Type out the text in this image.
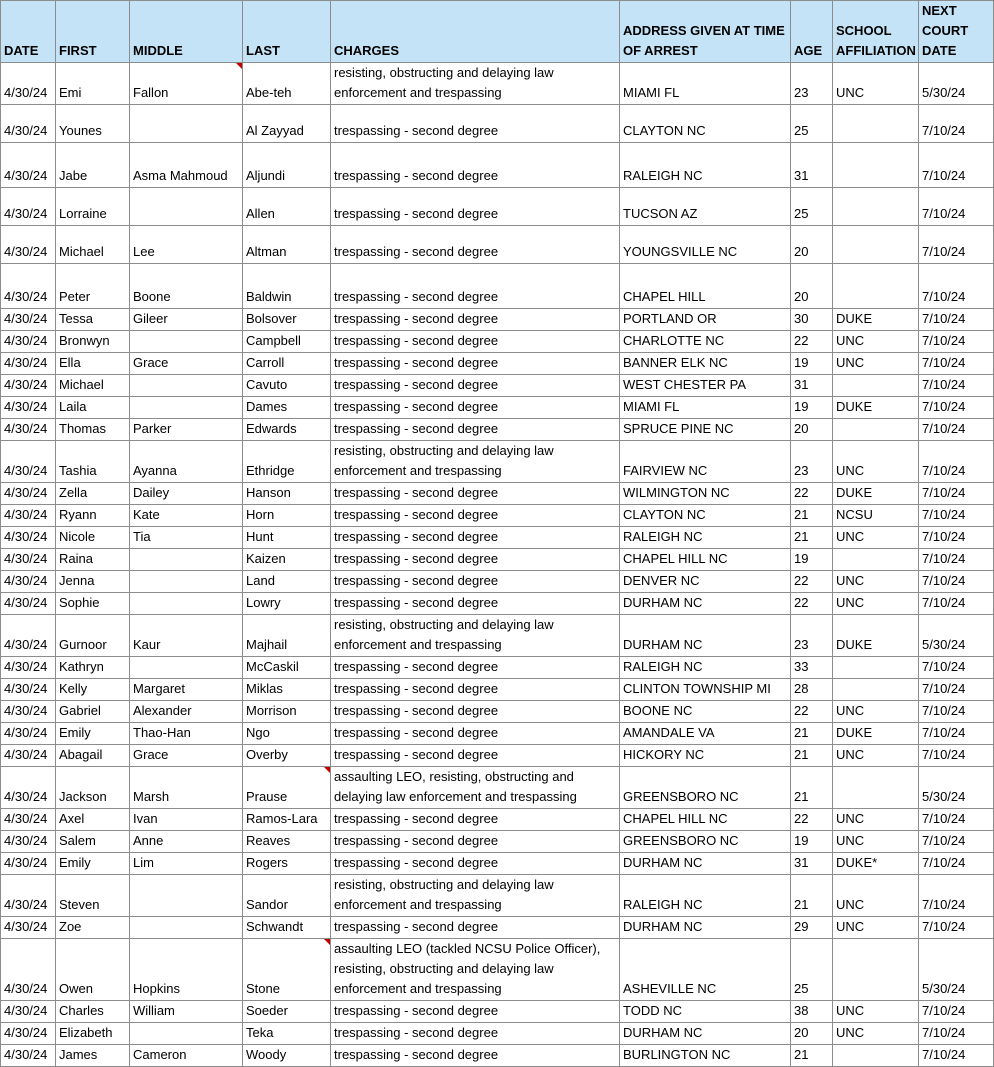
DATE	FIRST	MIDDLE	LAST	CHARGES	ADDRESS GIVEN AT TIME OF ARREST	AGE	SCHOOL AFFILIATION	NEXT COURT DATE
4/30/24	Emi	Fallon	Abe-teh	resisting, obstructing and delaying law enforcement and trespassing	MIAMI FL	23	UNC	5/30/24
4/30/24	Younes		Al Zayyad	trespassing - second degree	CLAYTON NC	25		7/10/24
4/30/24	Jabe	Asma Mahmoud	Aljundi	trespassing - second degree	RALEIGH NC	31		7/10/24
4/30/24	Lorraine		Allen	trespassing - second degree	TUCSON AZ	25		7/10/24
4/30/24	Michael	Lee	Altman	trespassing - second degree	YOUNGSVILLE NC	20		7/10/24
4/30/24	Peter	Boone	Baldwin	trespassing - second degree	CHAPEL HILL	20		7/10/24
4/30/24	Tessa	Gileer	Bolsover	trespassing - second degree	PORTLAND OR	30	DUKE	7/10/24
4/30/24	Bronwyn		Campbell	trespassing - second degree	CHARLOTTE NC	22	UNC	7/10/24
4/30/24	Ella	Grace	Carroll	trespassing - second degree	BANNER ELK NC	19	UNC	7/10/24
4/30/24	Michael		Cavuto	trespassing - second degree	WEST CHESTER PA	31		7/10/24
4/30/24	Laila		Dames	trespassing - second degree	MIAMI FL	19	DUKE	7/10/24
4/30/24	Thomas	Parker	Edwards	trespassing - second degree	SPRUCE PINE NC	20		7/10/24
4/30/24	Tashia	Ayanna	Ethridge	resisting, obstructing and delaying law enforcement and trespassing	FAIRVIEW NC	23	UNC	7/10/24
4/30/24	Zella	Dailey	Hanson	trespassing - second degree	WILMINGTON NC	22	DUKE	7/10/24
4/30/24	Ryann	Kate	Horn	trespassing - second degree	CLAYTON NC	21	NCSU	7/10/24
4/30/24	Nicole	Tia	Hunt	trespassing - second degree	RALEIGH NC	21	UNC	7/10/24
4/30/24	Raina		Kaizen	trespassing - second degree	CHAPEL HILL NC	19		7/10/24
4/30/24	Jenna		Land	trespassing - second degree	DENVER NC	22	UNC	7/10/24
4/30/24	Sophie		Lowry	trespassing - second degree	DURHAM NC	22	UNC	7/10/24
4/30/24	Gurnoor	Kaur	Majhail	resisting, obstructing and delaying law enforcement and trespassing	DURHAM NC	23	DUKE	5/30/24
4/30/24	Kathryn		McCaskil	trespassing - second degree	RALEIGH NC	33		7/10/24
4/30/24	Kelly	Margaret	Miklas	trespassing - second degree	CLINTON TOWNSHIP MI	28		7/10/24
4/30/24	Gabriel	Alexander	Morrison	trespassing - second degree	BOONE NC	22	UNC	7/10/24
4/30/24	Emily	Thao-Han	Ngo	trespassing - second degree	AMANDALE VA	21	DUKE	7/10/24
4/30/24	Abagail	Grace	Overby	trespassing - second degree	HICKORY NC	21	UNC	7/10/24
4/30/24	Jackson	Marsh	Prause	assaulting LEO, resisting, obstructing and delaying law enforcement and trespassing	GREENSBORO NC	21		5/30/24
4/30/24	Axel	Ivan	Ramos-Lara	trespassing - second degree	CHAPEL HILL NC	22	UNC	7/10/24
4/30/24	Salem	Anne	Reaves	trespassing - second degree	GREENSBORO NC	19	UNC	7/10/24
4/30/24	Emily	Lim	Rogers	trespassing - second degree	DURHAM NC	31	DUKE*	7/10/24
4/30/24	Steven		Sandor	resisting, obstructing and delaying law enforcement and trespassing	RALEIGH NC	21	UNC	7/10/24
4/30/24	Zoe		Schwandt	trespassing - second degree	DURHAM NC	29	UNC	7/10/24
4/30/24	Owen	Hopkins	Stone	assaulting LEO (tackled NCSU Police Officer), resisting, obstructing and delaying law enforcement and trespassing	ASHEVILLE NC	25		5/30/24
4/30/24	Charles	William	Soeder	trespassing - second degree	TODD NC	38	UNC	7/10/24
4/30/24	Elizabeth		Teka	trespassing - second degree	DURHAM NC	20	UNC	7/10/24
4/30/24	James	Cameron	Woody	trespassing - second degree	BURLINGTON NC	21		7/10/24
